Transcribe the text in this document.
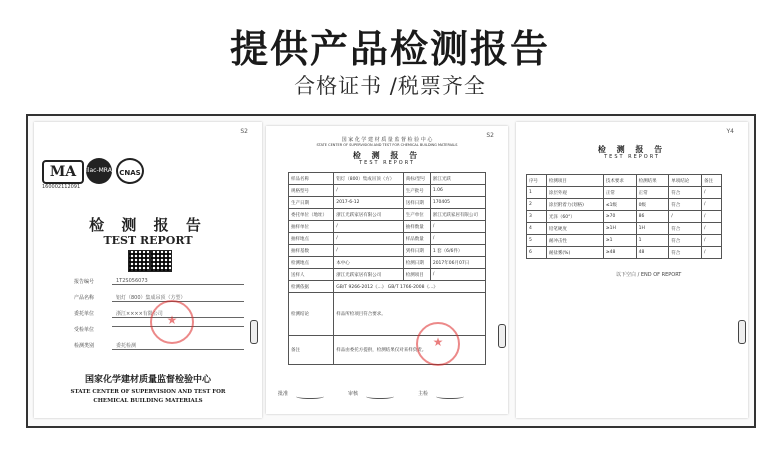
提供产品检测报告
合格证书 /税票齐全
S2
MA	ilac-MRA	CNAS
160002112091
检 测 报 告
TEST REPORT
报告编号	1T2S056073
产品名称	铝灯（800）集成吊顶（方型）
委托单位	浙江××××有限公司
受检单位
检测类别	委托检测
★
国家化学建材质量监督检验中心
STATE CENTER OF SUPERVISION AND TEST FOR
CHEMICAL BUILDING MATERIALS
S2
国 家 化 学 建 材 质 量 监 督 检 验 中 心
STATE CENTER OF SUPERVISION AND TEST FOR CHEMICAL BUILDING MATERIALS
检 测 报 告
TEST REPORT
样品名称	铝灯（800）集成吊顶（方）	商标/型号	浙江光跃
规格型号	/	生产批号	1.06
生产日期	2017-6-12	送样日期	170405
委托单位（地址）	浙江光跃家居有限公司	生产单位	浙江光跃家居有限公司
抽样单位	/	抽样数量	/
抽样地点	/	样品数量	/
抽样基数	/	到样日期	1 套（6/6件）
检测地点	本中心	检测日期	2017年06月07日
送样人	浙江光跃家居有限公司	检测项目	/
检测依据	GB/T 9266-2012《...》 GB/T 1766-2008《...》		
检测结论	样品所检项目符合要求。		
备注	样品由委托方提供，检测结果仅对来样负责。		
★
批准	审核	主检
Y4
检 测 报 告
TEST REPORT
序号	检测项目	技术要求	检测结果	单项结论	备注
1	涂层外观	正常	正常	符合	/
2	涂层附着力(划格)	≤1级	0级	符合	/
3	光泽（60°）	≥70	86	/	/
4	铅笔硬度	≥1H	1H	符合	/
5	耐冲击性	≥1	1	符合	/
6	耐盐雾(%)	≥48	48	符合	/
以下空白 / END OF REPORT
